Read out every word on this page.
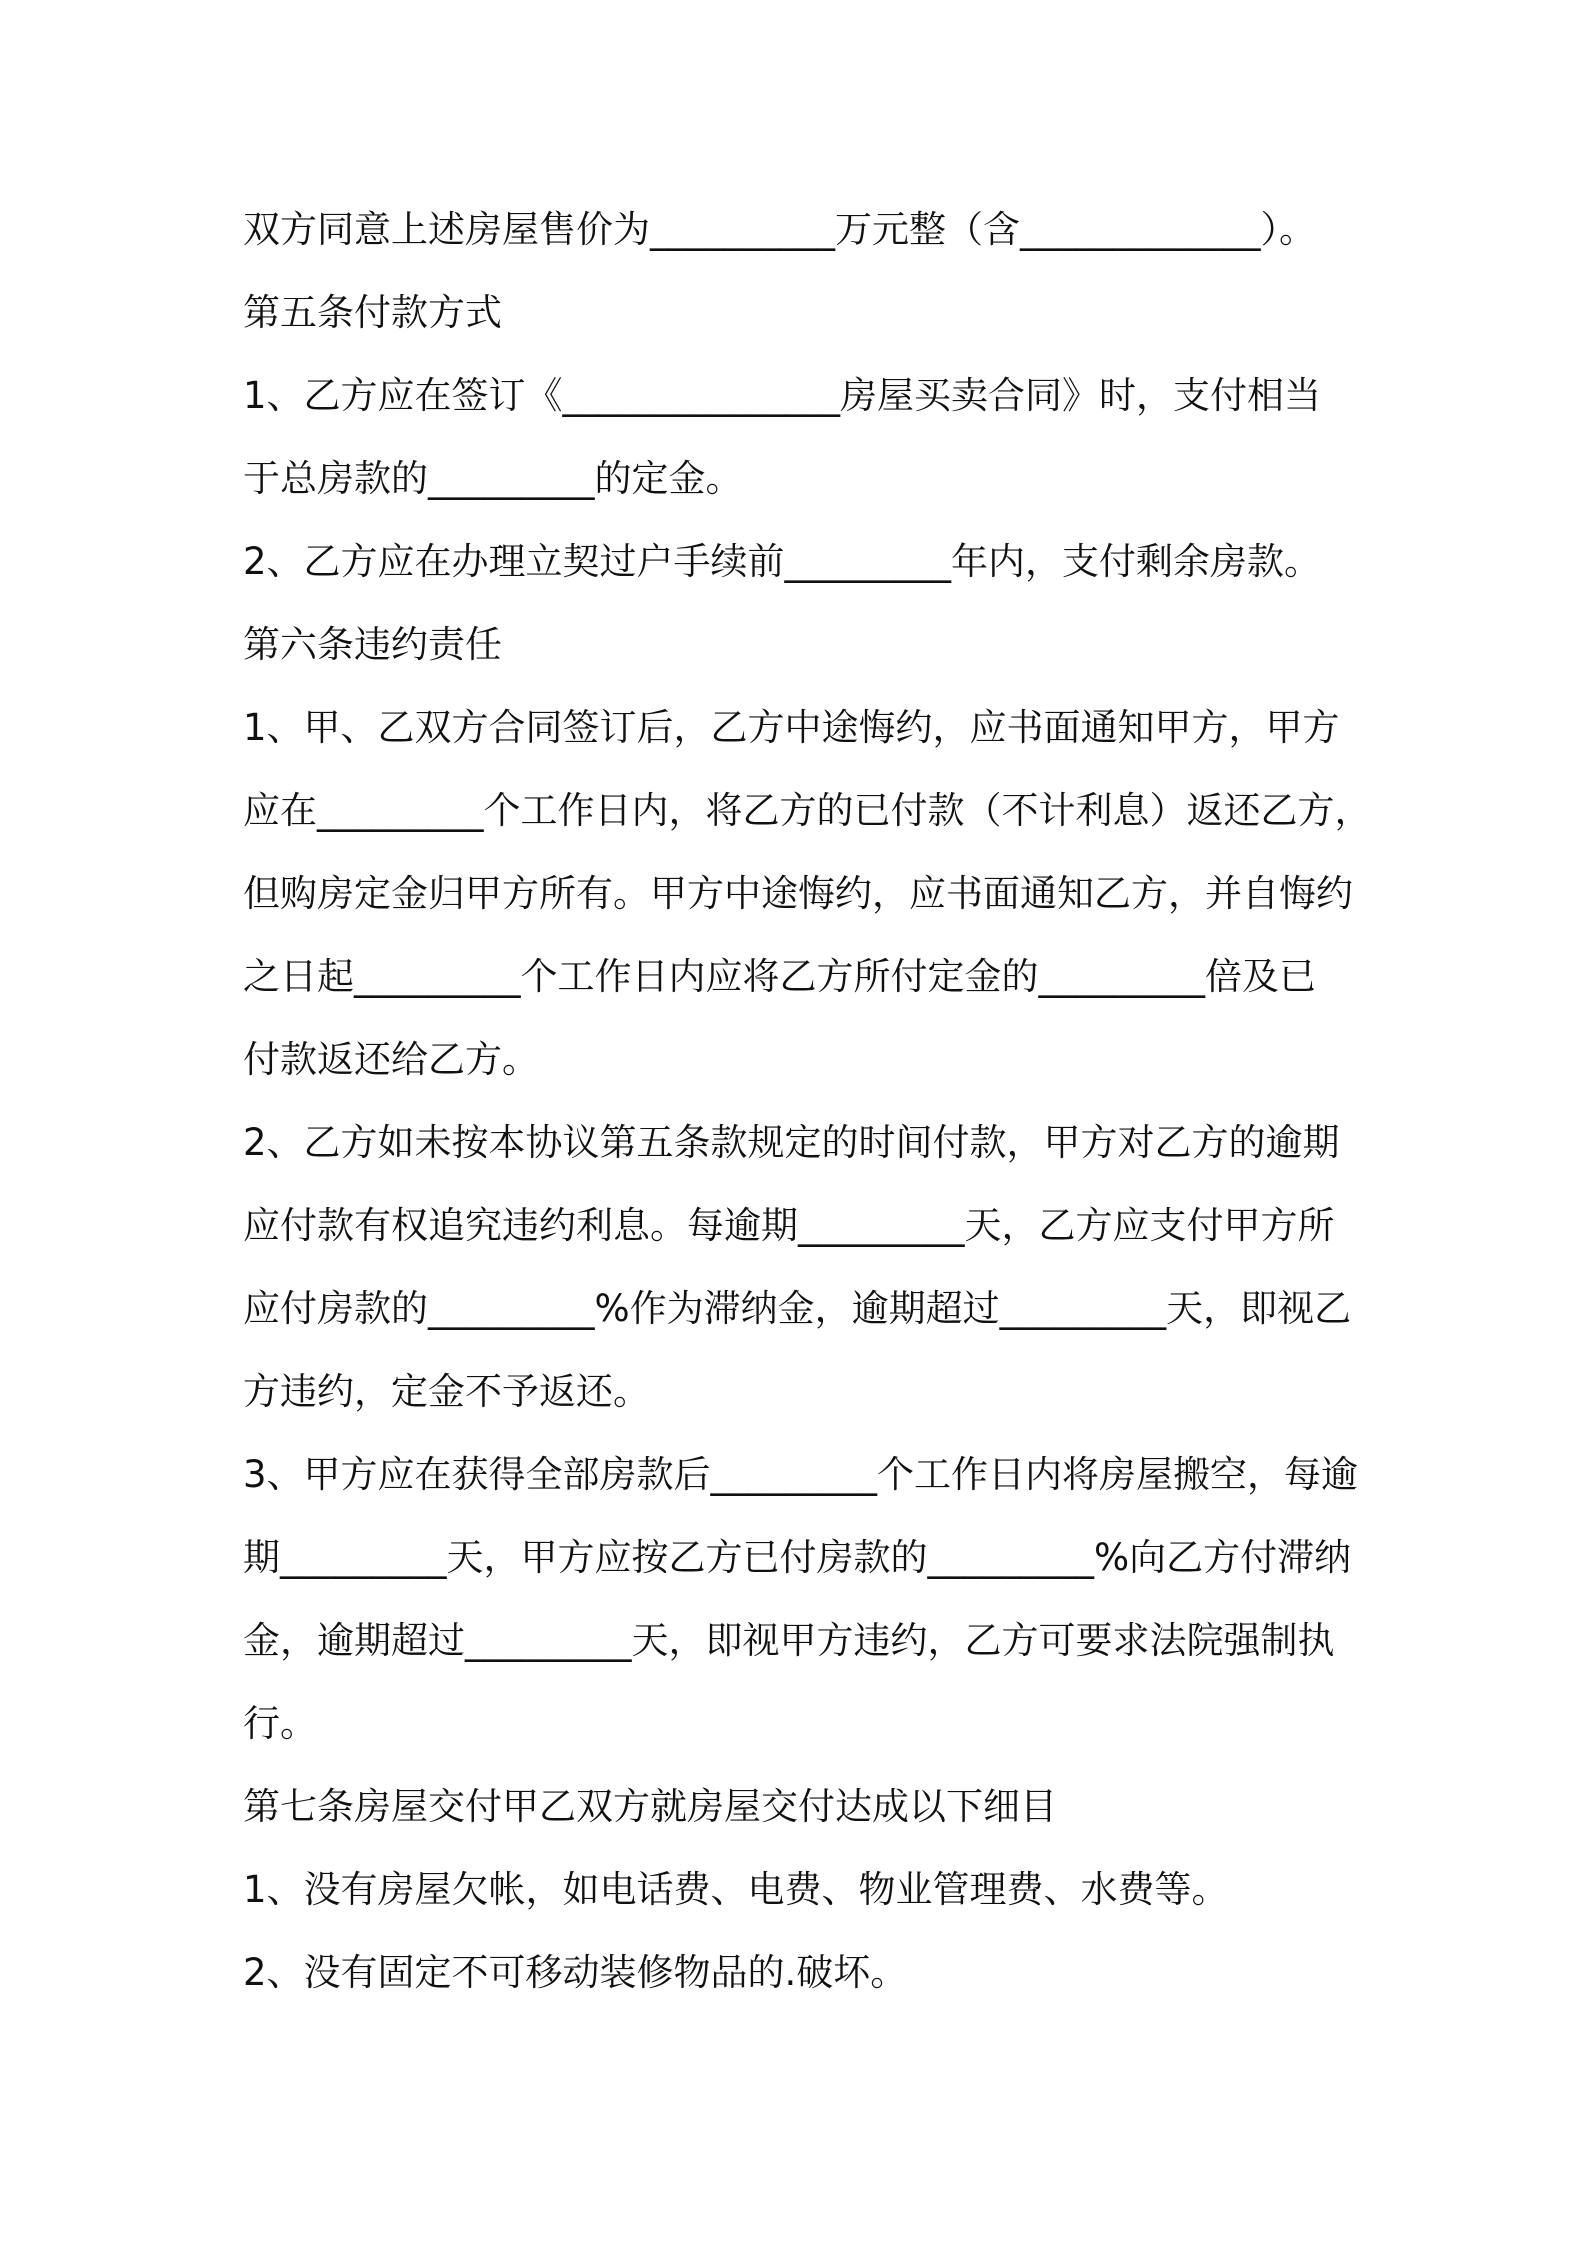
双方同意上述房屋售价为__________万元整（含_____________）。
第五条付款方式
1、乙方应在签订《_______________房屋买卖合同》时，支付相当
于总房款的_________的定金。
2、乙方应在办理立契过户手续前_________年内，支付剩余房款。
第六条违约责任
1、甲、乙双方合同签订后，乙方中途悔约，应书面通知甲方，甲方
应在_________个工作日内，将乙方的已付款（不计利息）返还乙方，
但购房定金归甲方所有。甲方中途悔约，应书面通知乙方，并自悔约
之日起_________个工作日内应将乙方所付定金的_________倍及已
付款返还给乙方。
2、乙方如未按本协议第五条款规定的时间付款，甲方对乙方的逾期
应付款有权追究违约利息。每逾期_________天，乙方应支付甲方所
应付房款的_________%作为滞纳金，逾期超过_________天，即视乙
方违约，定金不予返还。
3、甲方应在获得全部房款后_________个工作日内将房屋搬空，每逾
期_________天，甲方应按乙方已付房款的_________%向乙方付滞纳
金，逾期超过_________天，即视甲方违约，乙方可要求法院强制执
行。
第七条房屋交付甲乙双方就房屋交付达成以下细目
1、没有房屋欠帐，如电话费、电费、物业管理费、水费等。
2、没有固定不可移动装修物品的.破坏。
